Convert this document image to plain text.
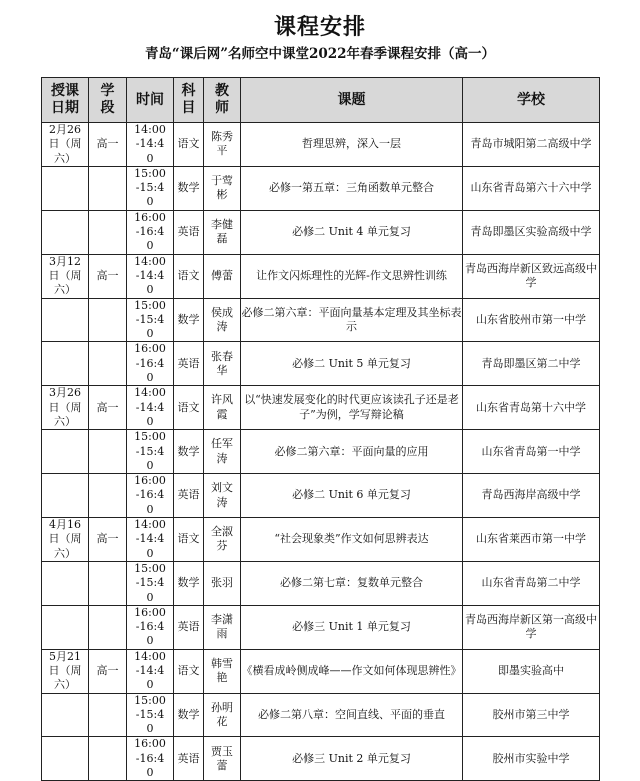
课程安排
青岛“课后网”名师空中课堂2022年春季课程安排（高一）
授课日期	学段	时间	科目	教师	课题	学校
2月26日（周六）	高一	14:00-14:40	语文	陈秀平	哲理思辨，深入一层	青岛市城阳第二高级中学
		15:00-15:40	数学	于莺彬	必修一第五章：三角函数单元整合	山东省青岛第六十六中学
		16:00-16:40	英语	李健磊	必修二 Unit 4 单元复习	青岛即墨区实验高级中学
3月12日（周六）	高一	14:00-14:40	语文	傅蕾	让作文闪烁理性的光辉-作文思辨性训练	青岛西海岸新区致远高级中学
		15:00-15:40	数学	侯成涛	必修二第六章：平面向量基本定理及其坐标表示	山东省胶州市第一中学
		16:00-16:40	英语	张春华	必修二 Unit 5 单元复习	青岛即墨区第二中学
3月26日（周六）	高一	14:00-14:40	语文	许风霞	以“快速发展变化的时代更应该读孔子还是老子”为例，学写辩论稿	山东省青岛第十六中学
		15:00-15:40	数学	任军涛	必修二第六章：平面向量的应用	山东省青岛第一中学
		16:00-16:40	英语	刘文涛	必修二 Unit 6 单元复习	青岛西海岸高级中学
4月16日（周六）	高一	14:00-14:40	语文	全淑芬	“社会现象类”作文如何思辨表达	山东省莱西市第一中学
		15:00-15:40	数学	张羽	必修二第七章：复数单元整合	山东省青岛第二中学
		16:00-16:40	英语	李潇雨	必修三 Unit 1 单元复习	青岛西海岸新区第一高级中学
5月21日（周六）	高一	14:00-14:40	语文	韩雪艳	《横看成岭侧成峰——作文如何体现思辨性》	即墨实验高中
		15:00-15:40	数学	孙明花	必修二第八章：空间直线、平面的垂直	胶州市第三中学
		16:00-16:40	英语	贾玉蕾	必修三 Unit 2 单元复习	胶州市实验中学
